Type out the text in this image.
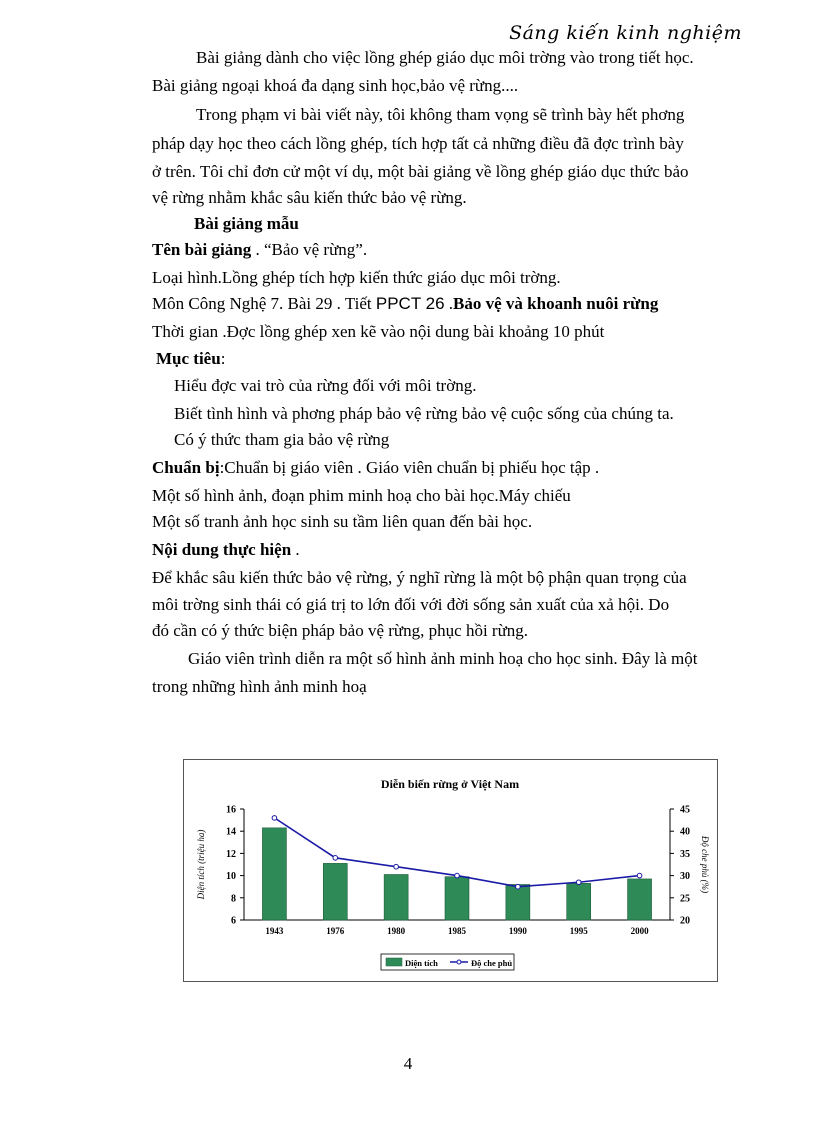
Sáng kiến kinh nghiệm
Bài giảng dành cho việc lồng ghép giáo dục môi trờng vào trong tiết học.
Bài giảng ngoại khoá đa dạng sinh học,bảo vệ rừng....
Trong phạm vi bài viết này, tôi không tham vọng sẽ trình bày hết phơng
pháp dạy học theo cách lồng ghép, tích hợp tất cả những điều đã đợc trình bày
ở trên. Tôi chỉ đơn cử một ví dụ, một bài giảng về lồng ghép giáo dục thức bảo
vệ rừng nhằm khắc sâu kiến thức bảo vệ rừng.
Bài giảng mẫu
Tên bài giảng . “Bảo vệ rừng”.
Loại hình.Lồng ghép tích hợp kiến thức giáo dục môi trờng.
Môn Công Nghệ 7. Bài 29 . Tiết PPCT 26 .Bảo vệ và khoanh nuôi rừng
Thời gian .Đợc lồng ghép xen kẽ vào nội dung bài khoảng 10 phút
Mục tiêu:
Hiểu đợc vai trò của rừng đối với môi trờng.
Biết tình hình và phơng pháp bảo vệ rừng bảo vệ cuộc sống của chúng ta.
Có ý thức tham gia bảo vệ rừng
Chuẩn bị:Chuẩn bị giáo viên . Giáo viên chuẩn bị phiếu học tập .
Một số hình ảnh, đoạn phim minh hoạ cho bài học.Máy chiếu
Một số tranh ảnh học sinh su tầm liên quan đến bài học.
Nội dung thực hiện .
Để khắc sâu kiến thức bảo vệ rừng, ý nghĩ rừng là một bộ phận quan trọng của
môi trờng sinh thái có giá trị to lớn đối với đời sống sản xuất của xả hội. Do
đó cần có ý thức biện pháp bảo vệ rừng, phục hồi rừng.
Giáo viên trình diễn ra một số hình ảnh minh hoạ cho học sinh. Đây là một
trong những hình ảnh minh hoạ
Diễn biến rừng ở Việt Nam
16
14
12
10
8
6
45
40
35
30
25
20
Diện tích (triệu ha)	Độ che phủ (%)
1943	1976	1980	1985	1990	1995	2000
Diện tích	Độ che phủ
4
